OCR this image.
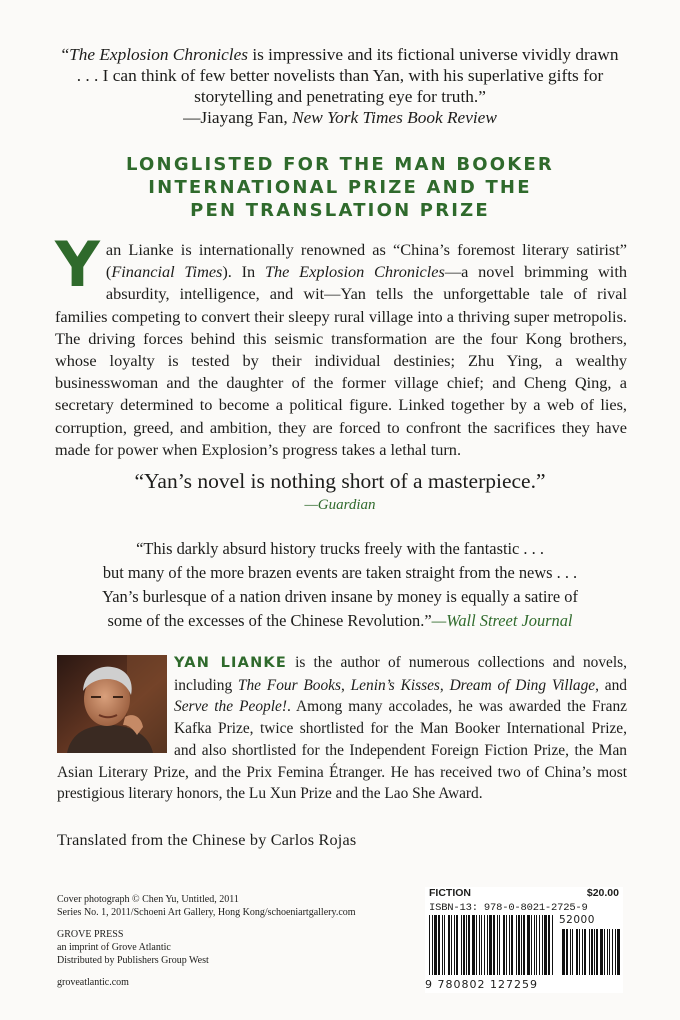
“The Explosion Chronicles is impressive and its fictional universe vividly drawn . . . I can think of few better novelists than Yan, with his superlative gifts for storytelling and penetrating eye for truth.”
—Jiayang Fan, New York Times Book Review
LONGLISTED FOR THE MAN BOOKER
INTERNATIONAL PRIZE AND THE
PEN TRANSLATION PRIZE
Yan Lianke is internationally renowned as “China’s foremost literary satirist” (Financial Times). In The Explosion Chronicles—a novel brimming with absurdity, intelligence, and wit—Yan tells the unforgettable tale of rival families competing to convert their sleepy rural village into a thriving super metropolis. The driving forces behind this seismic transformation are the four Kong brothers, whose loyalty is tested by their individual destinies; Zhu Ying, a wealthy businesswoman and the daughter of the former village chief; and Cheng Qing, a secretary determined to become a political figure. Linked together by a web of lies, corruption, greed, and ambition, they are forced to confront the sacrifices they have made for power when Explosion’s progress takes a lethal turn.
“Yan’s novel is nothing short of a masterpiece.”
—Guardian
“This darkly absurd history trucks freely with the fantastic . . .
but many of the more brazen events are taken straight from the news . . .
Yan’s burlesque of a nation driven insane by money is equally a satire of
some of the excesses of the Chinese Revolution.”—Wall Street Journal
YAN LIANKE is the author of numerous collections and novels, including The Four Books, Lenin’s Kisses, Dream of Ding Village, and Serve the People!. Among many accolades, he was awarded the Franz Kafka Prize, twice shortlisted for the Man Booker International Prize, and also shortlisted for the Independent Foreign Fiction Prize, the Man Asian Literary Prize, and the Prix Femina Étranger. He has received two of China’s most prestigious literary honors, the Lu Xun Prize and the Lao She Award.
Translated from the Chinese by Carlos Rojas
Cover photograph © Chen Yu, Untitled, 2011
Series No. 1, 2011/Schoeni Art Gallery, Hong Kong/schoeniartgallery.com
GROVE PRESS
an imprint of Grove Atlantic
Distributed by Publishers Group West
groveatlantic.com
FICTION	$20.00
ISBN-13: 978-0-8021-2725-9
52000
9 780802 127259
